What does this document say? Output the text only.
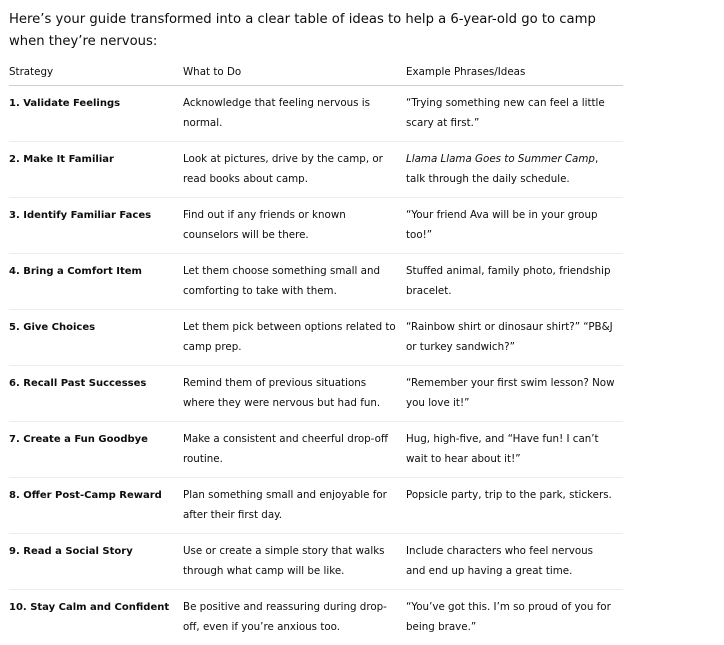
Here’s your guide transformed into a clear table of ideas to help a 6-year-old go to camp when they’re nervous:

Strategy	What to Do	Example Phrases/Ideas
1. Validate Feelings	Acknowledge that feeling nervous is normal.	“Trying something new can feel a little scary at first.”
2. Make It Familiar	Look at pictures, drive by the camp, or read books about camp.	Llama Llama Goes to Summer Camp, talk through the daily schedule.
3. Identify Familiar Faces	Find out if any friends or known counselors will be there.	“Your friend Ava will be in your group too!”
4. Bring a Comfort Item	Let them choose something small and comforting to take with them.	Stuffed animal, family photo, friendship bracelet.
5. Give Choices	Let them pick between options related to camp prep.	“Rainbow shirt or dinosaur shirt?” “PB&J or turkey sandwich?”
6. Recall Past Successes	Remind them of previous situations where they were nervous but had fun.	“Remember your first swim lesson? Now you love it!”
7. Create a Fun Goodbye	Make a consistent and cheerful drop-off routine.	Hug, high-five, and “Have fun! I can’t wait to hear about it!”
8. Offer Post-Camp Reward	Plan something small and enjoyable for after their first day.	Popsicle party, trip to the park, stickers.
9. Read a Social Story	Use or create a simple story that walks through what camp will be like.	Include characters who feel nervous and end up having a great time.
10. Stay Calm and Confident	Be positive and reassuring during drop-off, even if you’re anxious too.	“You’ve got this. I’m so proud of you for being brave.”
